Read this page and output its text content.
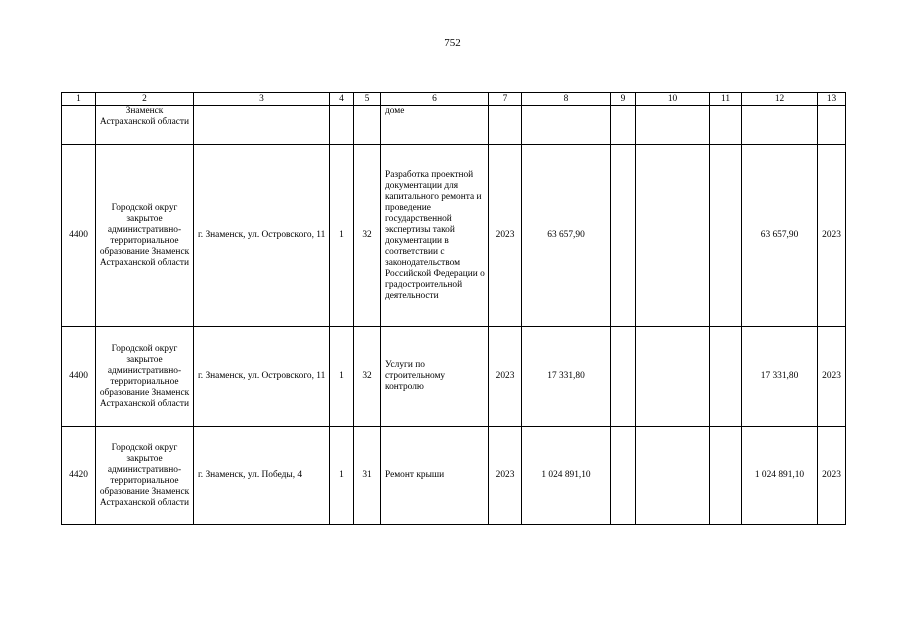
752
1	2	3	4	5	6	7	8	9	10	11	12	13
	Знаменск Астраханской области				доме							
4400	Городской округ закрытое административно-территориальное образование Знаменск Астраханской области	г. Знаменск, ул. Островского, 11	1	32	Разработка проектной документации для капитального ремонта и проведение государственной экспертизы такой документации в соответствии с законодательством Российской Федерации о градостроительной деятельности	2023	63 657,90				63 657,90	2023
4400	Городской округ закрытое административно-территориальное образование Знаменск Астраханской области	г. Знаменск, ул. Островского, 11	1	32	Услуги по строительному контролю	2023	17 331,80				17 331,80	2023
4420	Городской округ закрытое административно-территориальное образование Знаменск Астраханской области	г. Знаменск, ул. Победы, 4	1	31	Ремонт крыши	2023	1 024 891,10				1 024 891,10	2023
